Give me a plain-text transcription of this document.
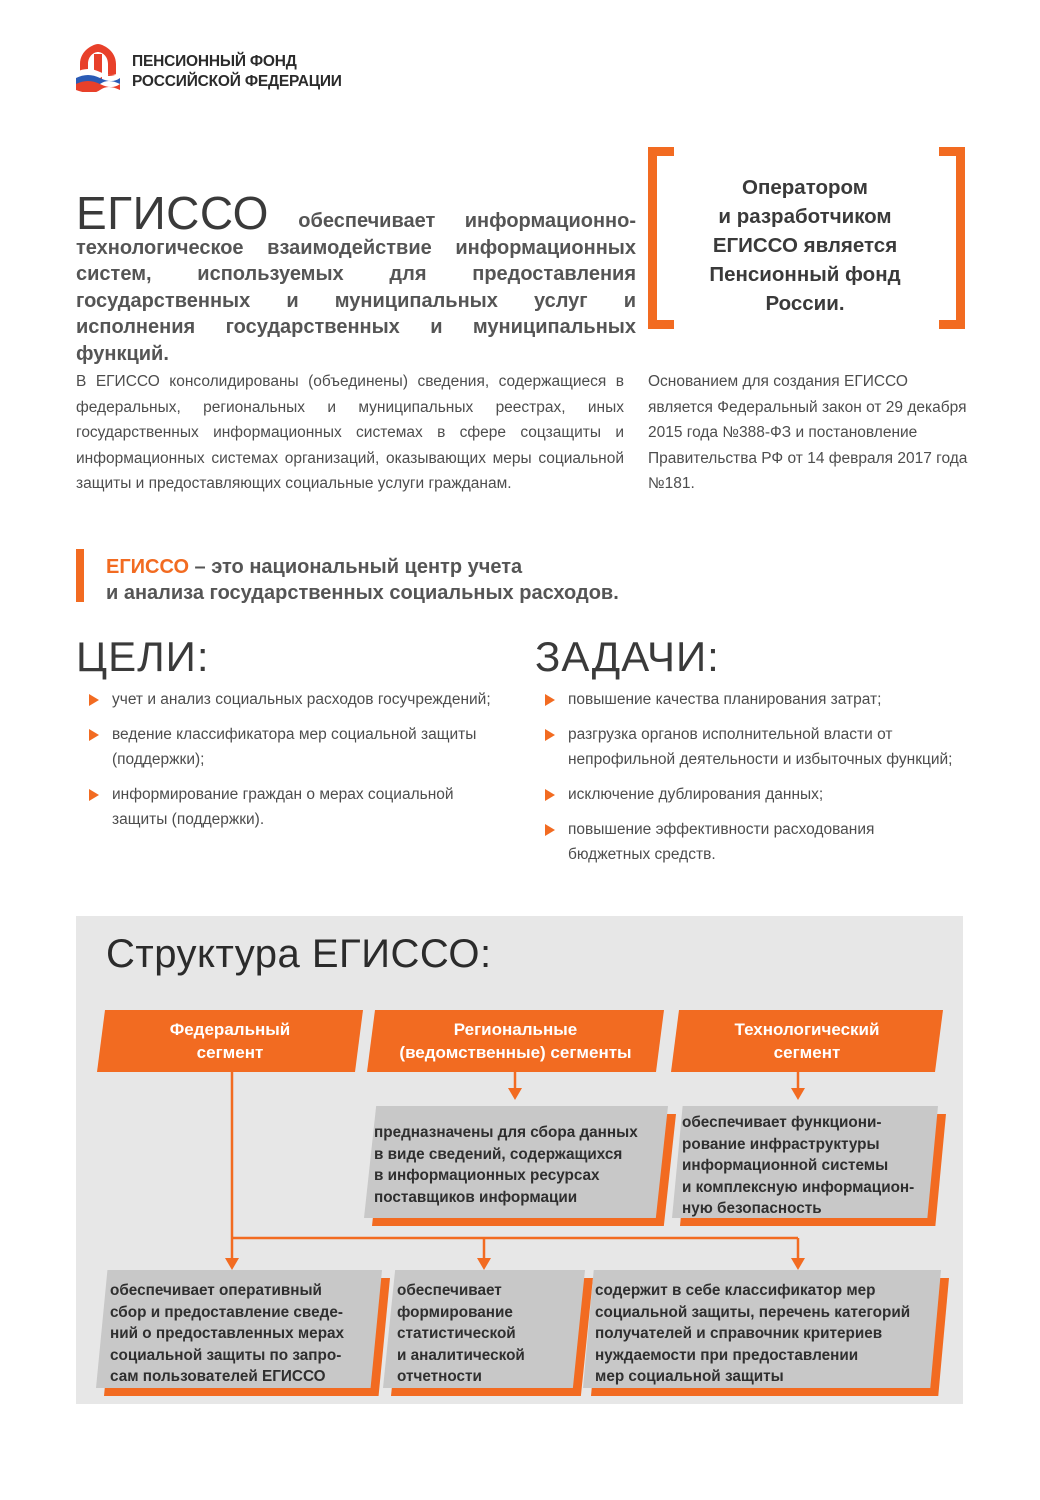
ПЕНСИОННЫЙ ФОНД
РОССИЙСКОЙ ФЕДЕРАЦИИ
ЕГИССО обеспечивает информационно-технологическое взаимодействие информационных систем, используемых для предоставления государственных и муниципальных услуг и исполнения государственных и муниципальных функций.
Оператором
и разработчиком
ЕГИССО является
Пенсионный фонд
России.
В ЕГИССО консолидированы (объединены) сведения, содержащиеся в федеральных, региональных и муниципальных реестрах, иных государственных информационных системах в сфере соцзащиты и информационных системах организаций, оказывающих меры социальной защиты и предоставляющих социальные услуги гражданам.
Основанием для создания ЕГИССО является Федеральный закон от 29 декабря 2015 года №388-ФЗ и постановление Правительства РФ от 14 февраля 2017 года №181.
ЕГИССО – это национальный центр учета
и анализа государственных социальных расходов.
ЦЕЛИ:
учет и анализ социальных расходов госучреждений;
ведение классификатора мер социальной защиты (поддержки);
информирование граждан о мерах социальной защиты (поддержки).
ЗАДАЧИ:
повышение качества планирования затрат;
разгрузка органов исполнительной власти от непрофильной деятельности и избыточных функций;
исключение дублирования данных;
повышение эффективности расходования бюджетных средств.
Структура ЕГИССО:
Федеральный
сегмент
Региональные
(ведомственные) сегменты
Технологический
сегмент
предназначены для сбора данных
в виде сведений, содержащихся
в информационных ресурсах
поставщиков информации
обеспечивает функциони-
рование инфраструктуры
информационной системы
и комплексную информацион-
ную безопасность
обеспечивает оперативный
сбор и предоставление сведе-
ний о предоставленных мерах
социальной защиты по запро-
сам пользователей ЕГИССО
обеспечивает
формирование
статистической
и аналитической
отчетности
содержит в себе классификатор мер
социальной защиты, перечень категорий
получателей и справочник критериев
нуждаемости при предоставлении
мер социальной защиты
